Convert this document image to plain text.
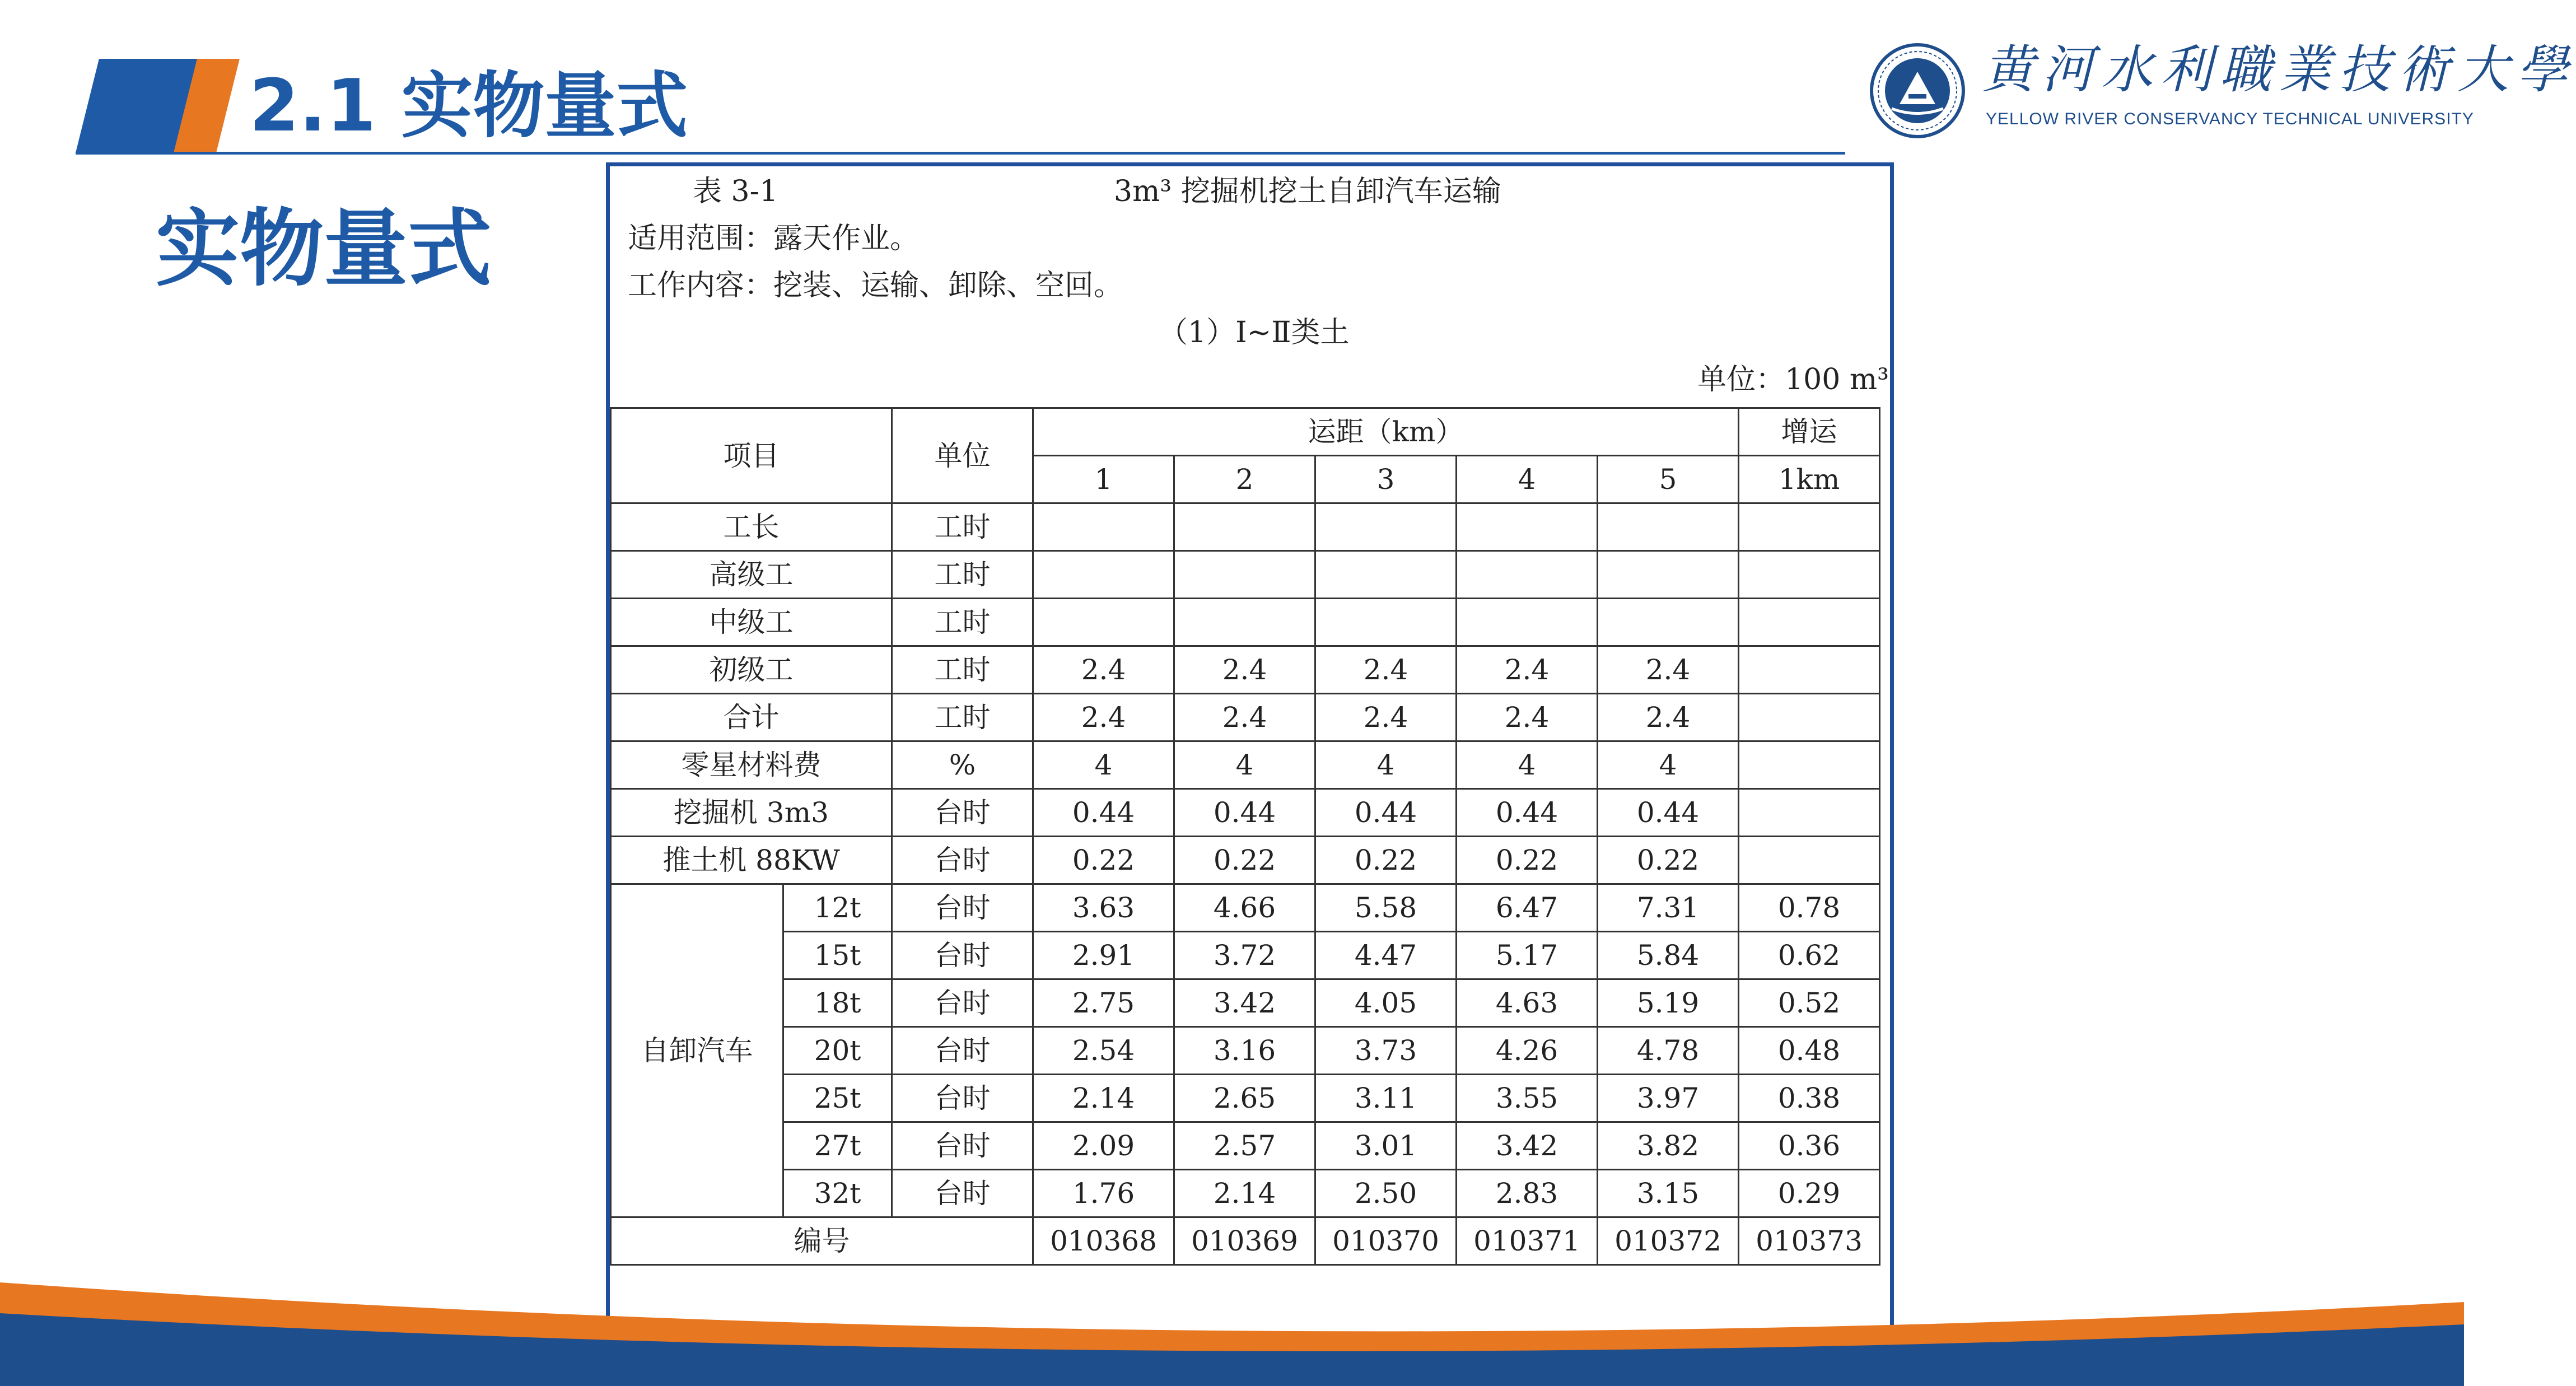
2.1 实物量式
实物量式
黄河水利職業技術大學
YELLOW RIVER CONSERVANCY TECHNICAL UNIVERSITY
表 3-1	3m³ 挖掘机挖土自卸汽车运输
适用范围：露天作业。
工作内容：挖装、运输、卸除、空回。
（1）Ⅰ~Ⅱ类土
单位：100 m³
项目		单位	运距（km）					增运
			1	2	3	4	5	1km
工长		工时						
高级工		工时						
中级工		工时						
初级工		工时	2.4	2.4	2.4	2.4	2.4	
合计		工时	2.4	2.4	2.4	2.4	2.4	
零星材料费		%	4	4	4	4	4	
挖掘机 3m3		台时	0.44	0.44	0.44	0.44	0.44	
推土机 88KW		台时	0.22	0.22	0.22	0.22	0.22	
自卸汽车	12t	台时	3.63	4.66	5.58	6.47	7.31	0.78
	15t	台时	2.91	3.72	4.47	5.17	5.84	0.62
	18t	台时	2.75	3.42	4.05	4.63	5.19	0.52
	20t	台时	2.54	3.16	3.73	4.26	4.78	0.48
	25t	台时	2.14	2.65	3.11	3.55	3.97	0.38
	27t	台时	2.09	2.57	3.01	3.42	3.82	0.36
	32t	台时	1.76	2.14	2.50	2.83	3.15	0.29
编号			010368	010369	010370	010371	010372	010373
